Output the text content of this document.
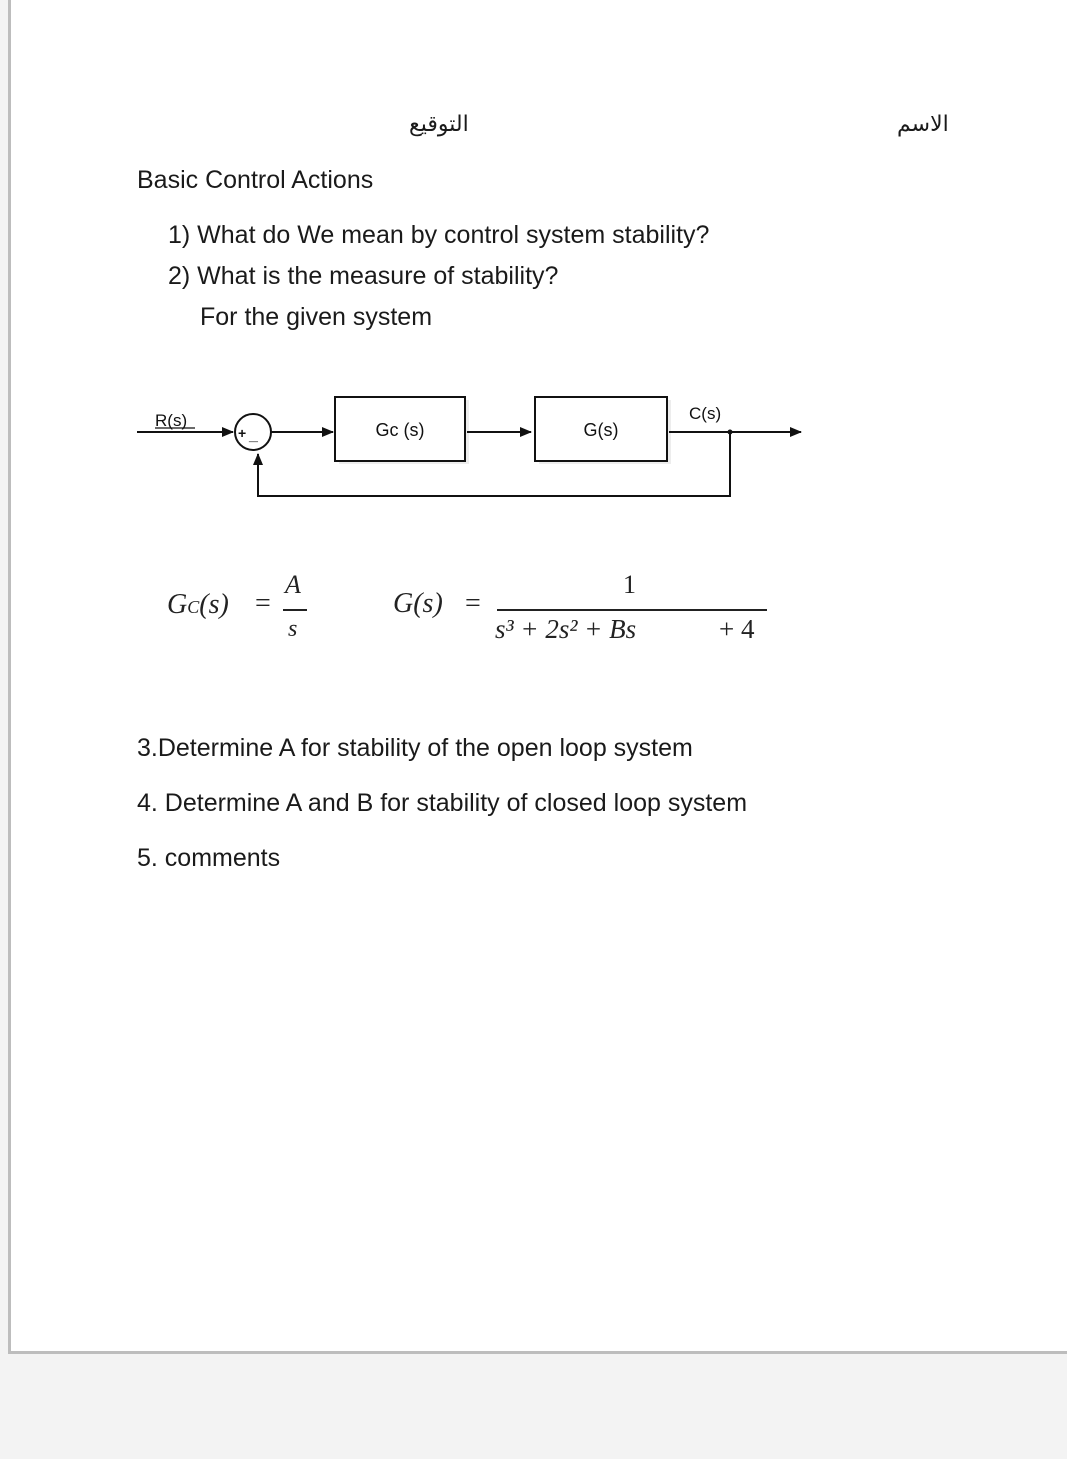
التوقيع	الاسم
Basic Control Actions
1) What do We mean by control system stability?
2) What is the measure of stability?
For the given system
R(s)
+ _	Gc (s)	G(s)
C(s)
GC(s) =
A
s
G(s) =
1
s³ + 2s² + Bs	+ 4
3.Determine A for stability of the open loop system
4. Determine A and B for stability of closed loop system
5. comments
